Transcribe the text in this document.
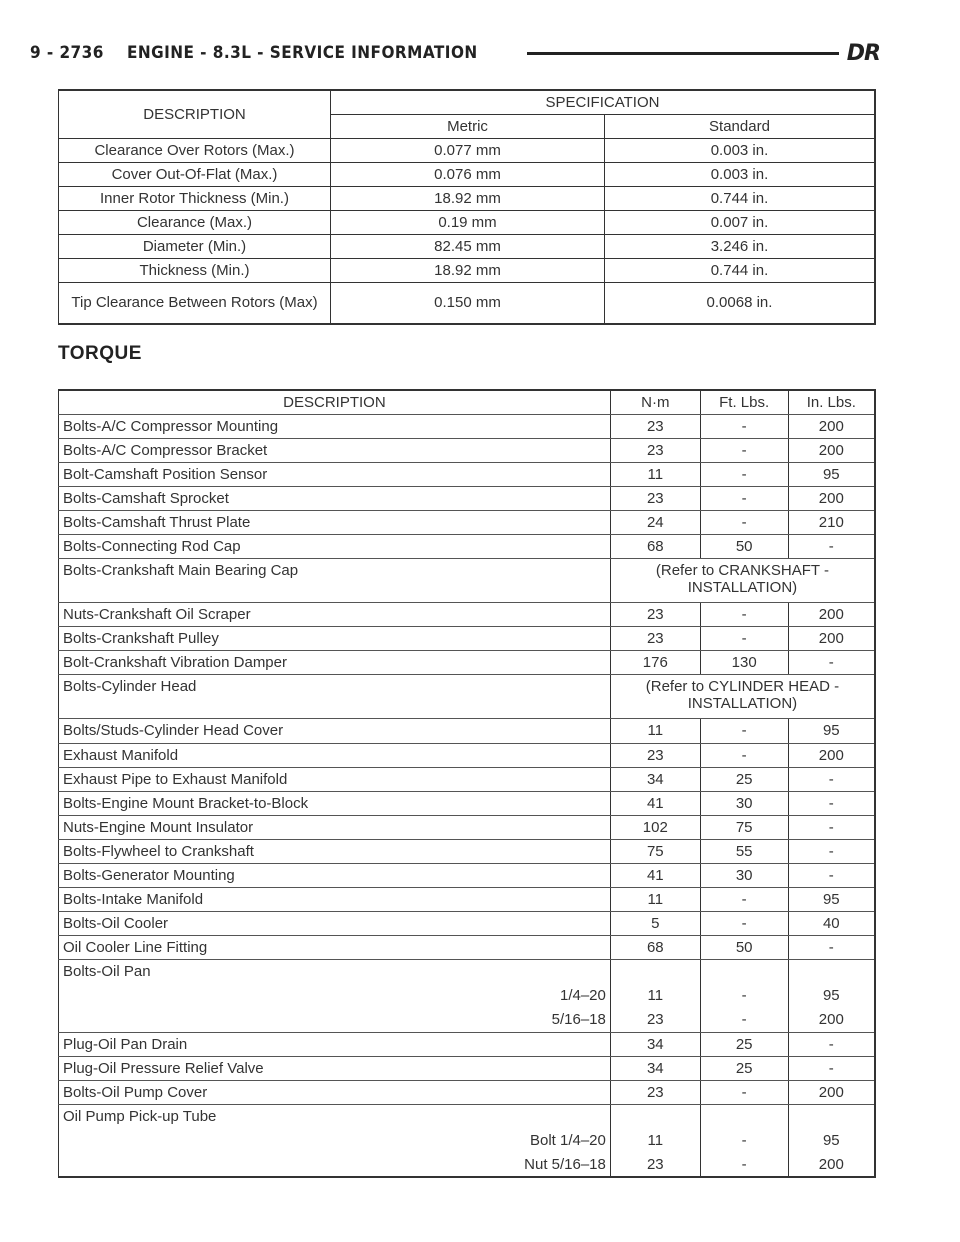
9 - 2736    ENGINE - 8.3L - SERVICE INFORMATION	DR
DESCRIPTION	SPECIFICATION	
	Metric	Standard
Clearance Over Rotors (Max.)	0.077 mm	0.003 in.
Cover Out-Of-Flat (Max.)	0.076 mm	0.003 in.
Inner Rotor Thickness (Min.)	18.92 mm	0.744 in.
Clearance (Max.)	0.19 mm	0.007 in.
Diameter (Min.)	82.45 mm	3.246 in.
Thickness (Min.)	18.92 mm	0.744 in.
Tip Clearance Between Rotors (Max)	0.150 mm	0.0068 in.
TORQUE
DESCRIPTION	N·m	Ft. Lbs.	In. Lbs.
Bolts-A/C Compressor Mounting	23	-	200
Bolts-A/C Compressor Bracket	23	-	200
Bolt-Camshaft Position Sensor	11	-	95
Bolts-Camshaft Sprocket	23	-	200
Bolts-Camshaft Thrust Plate	24	-	210
Bolts-Connecting Rod Cap	68	50	-
Bolts-Crankshaft Main Bearing Cap	(Refer to CRANKSHAFT - INSTALLATION)		
Nuts-Crankshaft Oil Scraper	23	-	200
Bolts-Crankshaft Pulley	23	-	200
Bolt-Crankshaft Vibration Damper	176	130	-
Bolts-Cylinder Head	(Refer to CYLINDER HEAD - INSTALLATION)		
Bolts/Studs-Cylinder Head Cover	11	-	95
Exhaust Manifold	23	-	200
Exhaust Pipe to Exhaust Manifold	34	25	-
Bolts-Engine Mount Bracket-to-Block	41	30	-
Nuts-Engine Mount Insulator	102	75	-
Bolts-Flywheel to Crankshaft	75	55	-
Bolts-Generator Mounting	41	30	-
Bolts-Intake Manifold	11	-	95
Bolts-Oil Cooler	5	-	40
Oil Cooler Line Fitting	68	50	-
Bolts-Oil Pan			
1/4–20	11	-	95
5/16–18	23	-	200
Plug-Oil Pan Drain	34	25	-
Plug-Oil Pressure Relief Valve	34	25	-
Bolts-Oil Pump Cover	23	-	200
Oil Pump Pick-up Tube			
Bolt 1/4–20	11	-	95
Nut 5/16–18	23	-	200
